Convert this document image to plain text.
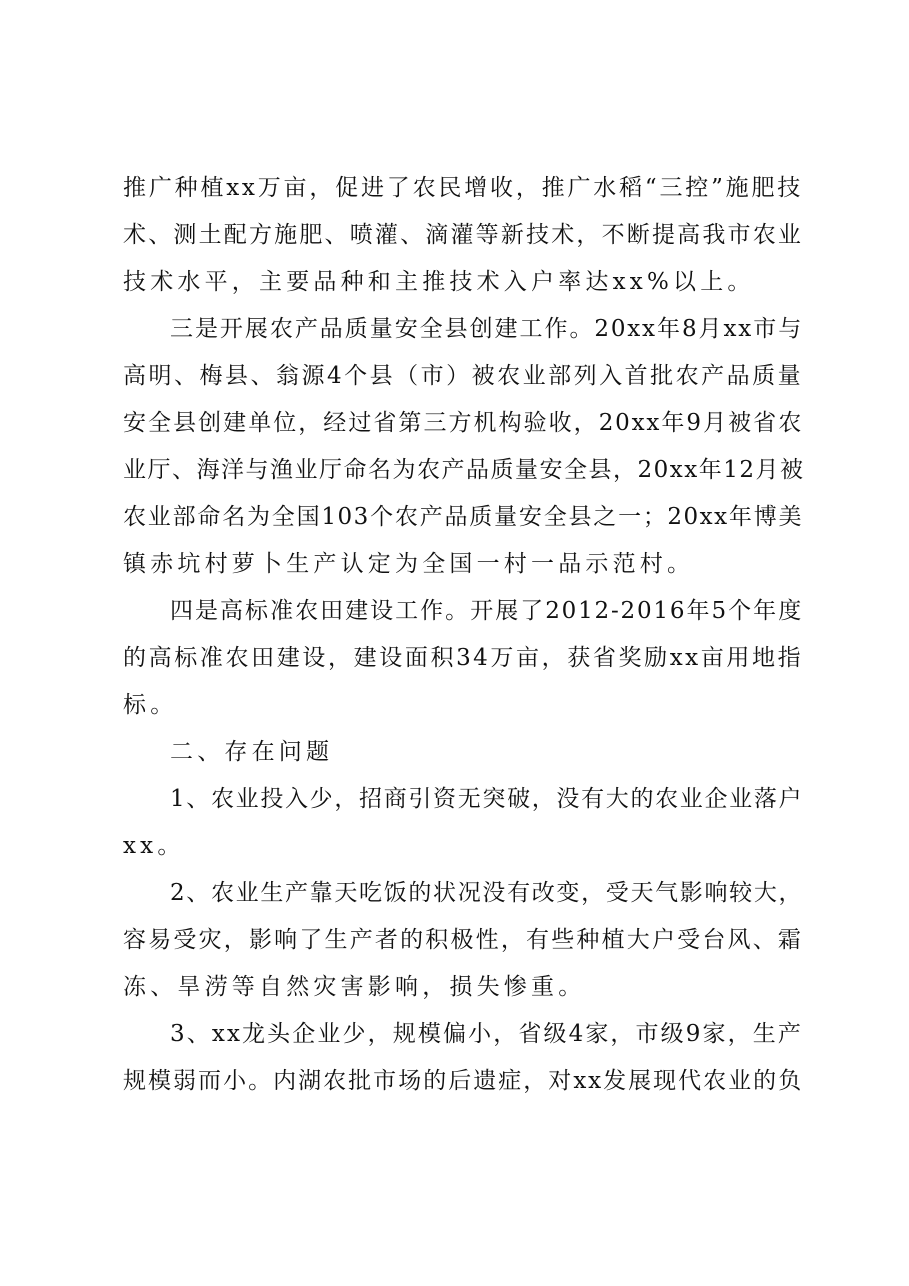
推广种植xx万亩，促进了农民增收，推广水稻“三控”施肥技
术、测土配方施肥、喷灌、滴灌等新技术，不断提高我市农业
技术水平，主要品种和主推技术入户率达xx%以上。
三是开展农产品质量安全县创建工作。20xx年8月xx市与
高明、梅县、翁源4个县（市）被农业部列入首批农产品质量
安全县创建单位，经过省第三方机构验收，20xx年9月被省农
业厅、海洋与渔业厅命名为农产品质量安全县，20xx年12月被
农业部命名为全国103个农产品质量安全县之一；20xx年博美
镇赤坑村萝卜生产认定为全国一村一品示范村。
四是高标准农田建设工作。开展了2012-2016年5个年度
的高标准农田建设，建设面积34万亩，获省奖励xx亩用地指
标。
二、存在问题
1、农业投入少，招商引资无突破，没有大的农业企业落户
xx。
2、农业生产靠天吃饭的状况没有改变，受天气影响较大，
容易受灾，影响了生产者的积极性，有些种植大户受台风、霜
冻、旱涝等自然灾害影响，损失惨重。
3、xx龙头企业少，规模偏小，省级4家，市级9家，生产
规模弱而小。内湖农批市场的后遗症，对xx发展现代农业的负
